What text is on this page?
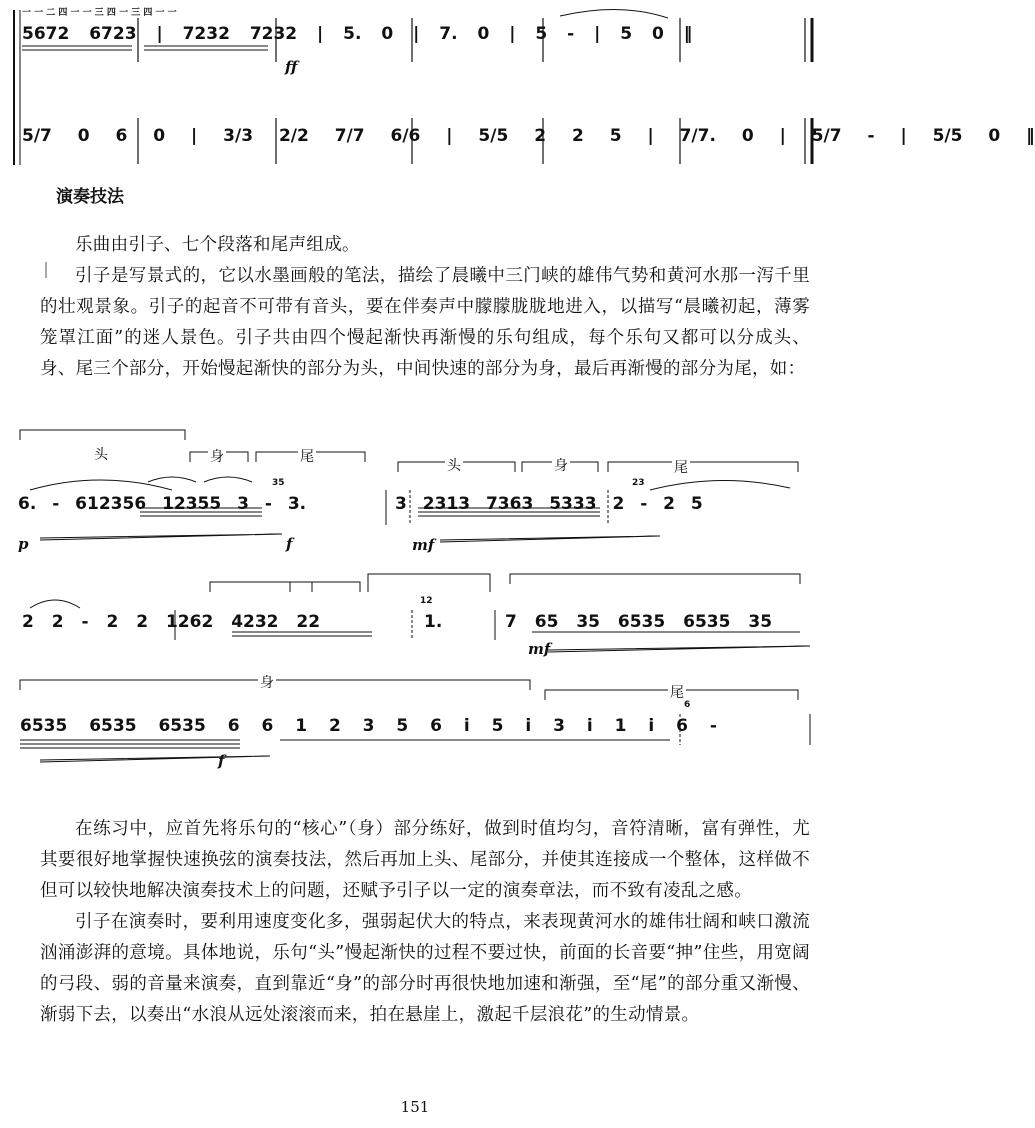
一 一 二 四 一 一 三 四 一 三 四 一 一
5672 6723 | 7232 7232 | 5. 0 | 7. 0 | 5 - | 5 0 ‖
ff
5/7 0 6 0 | 3/3 2/2 7/7 6/6 | 5/5 2 2 5 | 7/7. 0 | 5/7 - | 5/5 0 ‖
演奏技法

乐曲由引子、七个段落和尾声组成。

引子是写景式的，它以水墨画般的笔法，描绘了晨曦中三门峡的雄伟气势和黄河水那一泻千里的壮观景象。引子的起音不可带有音头，要在伴奏声中朦朦胧胧地进入，以描写“晨曦初起，薄雾笼罩江面”的迷人景色。引子共由四个慢起渐快再渐慢的乐句组成，每个乐句又都可以分成头、身、尾三个部分，开始慢起渐快的部分为头，中间快速的部分为身，最后再渐慢的部分为尾，如：

头	身	尾
头	身	尾
6. - 612356 12355 3 - 3.
35
3 2313 7363 5333 2 - 2 5
23
p	f	mf
2 2 - 2 2 1262 4232 22
12
1.	7 65 35 6535 6535 35
mf
身
尾
6535 6535 6535 6 6 1 2 3 5 6 i 5 i 3 i 1 i 6 -
6
f

在练习中，应首先将乐句的“核心”（身）部分练好，做到时值均匀，音符清晰，富有弹性，尤其要很好地掌握快速换弦的演奏技法，然后再加上头、尾部分，并使其连接成一个整体，这样做不但可以较快地解决演奏技术上的问题，还赋予引子以一定的演奏章法，而不致有凌乱之感。

引子在演奏时，要利用速度变化多，强弱起伏大的特点，来表现黄河水的雄伟壮阔和峡口激流汹涌澎湃的意境。具体地说，乐句“头”慢起渐快的过程不要过快，前面的长音要“抻”住些，用宽阔的弓段、弱的音量来演奏，直到靠近“身”的部分时再很快地加速和渐强，至“尾”的部分重又渐慢、渐弱下去，以奏出“水浪从远处滚滚而来，拍在悬崖上，激起千层浪花”的生动情景。

151
